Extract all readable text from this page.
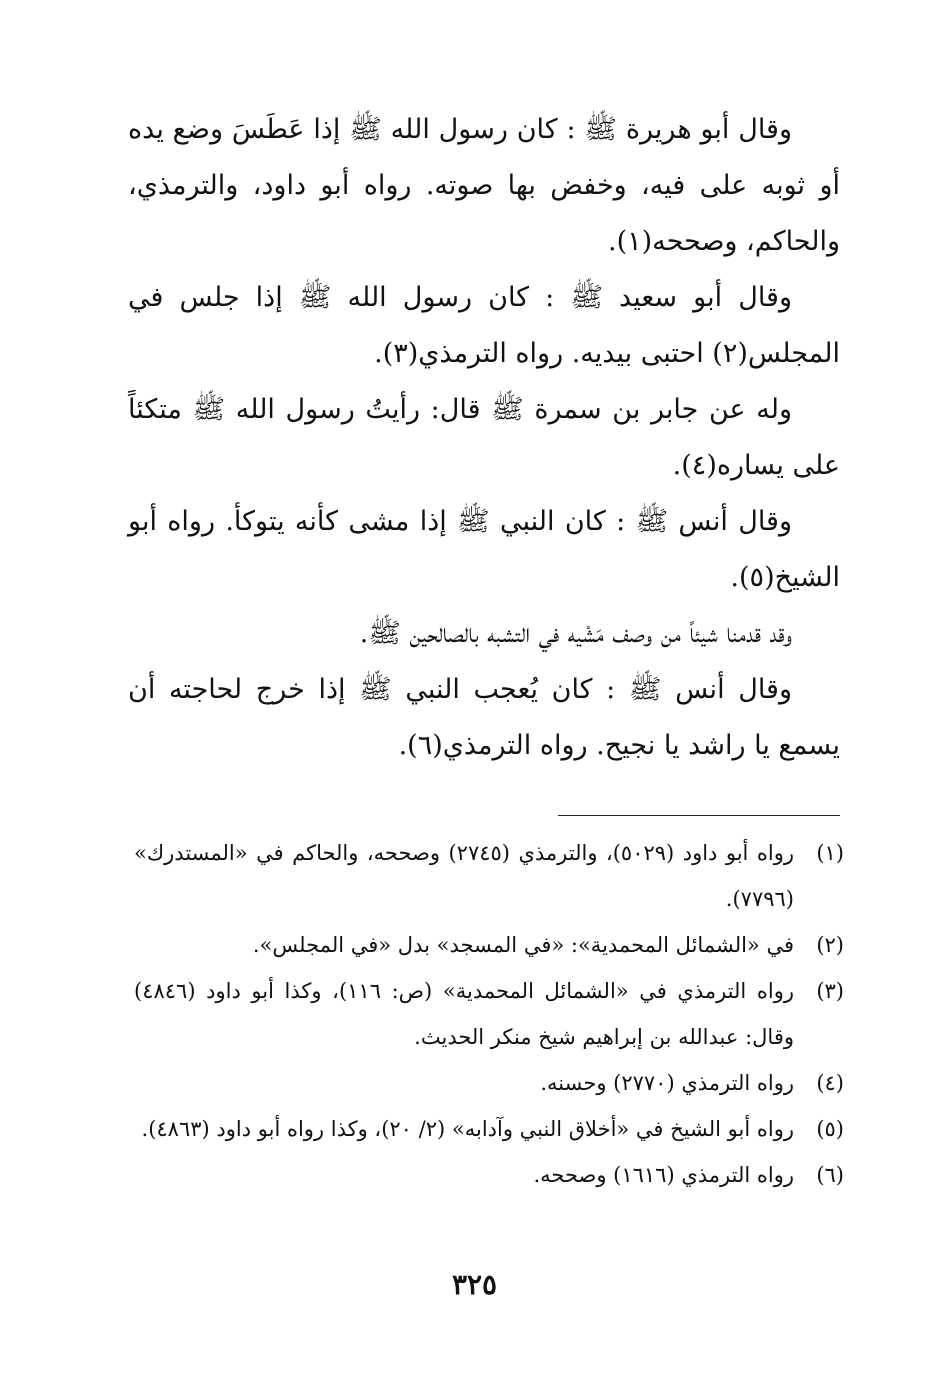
وقال أبو هريرة ﷺ : كان رسول الله ﷺ إذا عَطَسَ وضع يده أو ثوبه على فيه، وخفض بها صوته. رواه أبو داود، والترمذي، والحاكم، وصححه(١).

وقال أبو سعيد ﷺ : كان رسول الله ﷺ إذا جلس في المجلس(٢) احتبى بيديه. رواه الترمذي(٣).

وله عن جابر بن سمرة ﷺ قال: رأيتُ رسول الله ﷺ متكئاً على يساره(٤).

وقال أنس ﷺ : كان النبي ﷺ إذا مشى كأنه يتوكأ. رواه أبو الشيخ(٥).

وقد قدمنا شيئاً من وصف مَشْيه في التشبه بالصالحين ﷺ.

وقال أنس ﷺ : كان يُعجب النبي ﷺ إذا خرج لحاجته أن يسمع يا راشد يا نجيح. رواه الترمذي(٦).

(١)
رواه أبو داود (٥٠٢٩)، والترمذي (٢٧٤٥) وصححه، والحاكم في «المستدرك» (٧٧٩٦).
(٢)
في «الشمائل المحمدية»: «في المسجد» بدل «في المجلس».
(٣)
رواه الترمذي في «الشمائل المحمدية» (ص: ١١٦)، وكذا أبو داود (٤٨٤٦) وقال: عبدالله بن إبراهيم شيخ منكر الحديث.
(٤)
رواه الترمذي (٢٧٧٠) وحسنه.
(٥)
رواه أبو الشيخ في «أخلاق النبي وآدابه» (٢/ ٢٠)، وكذا رواه أبو داود (٤٨٦٣).
(٦)
رواه الترمذي (١٦١٦) وصححه.
٣٢٥
